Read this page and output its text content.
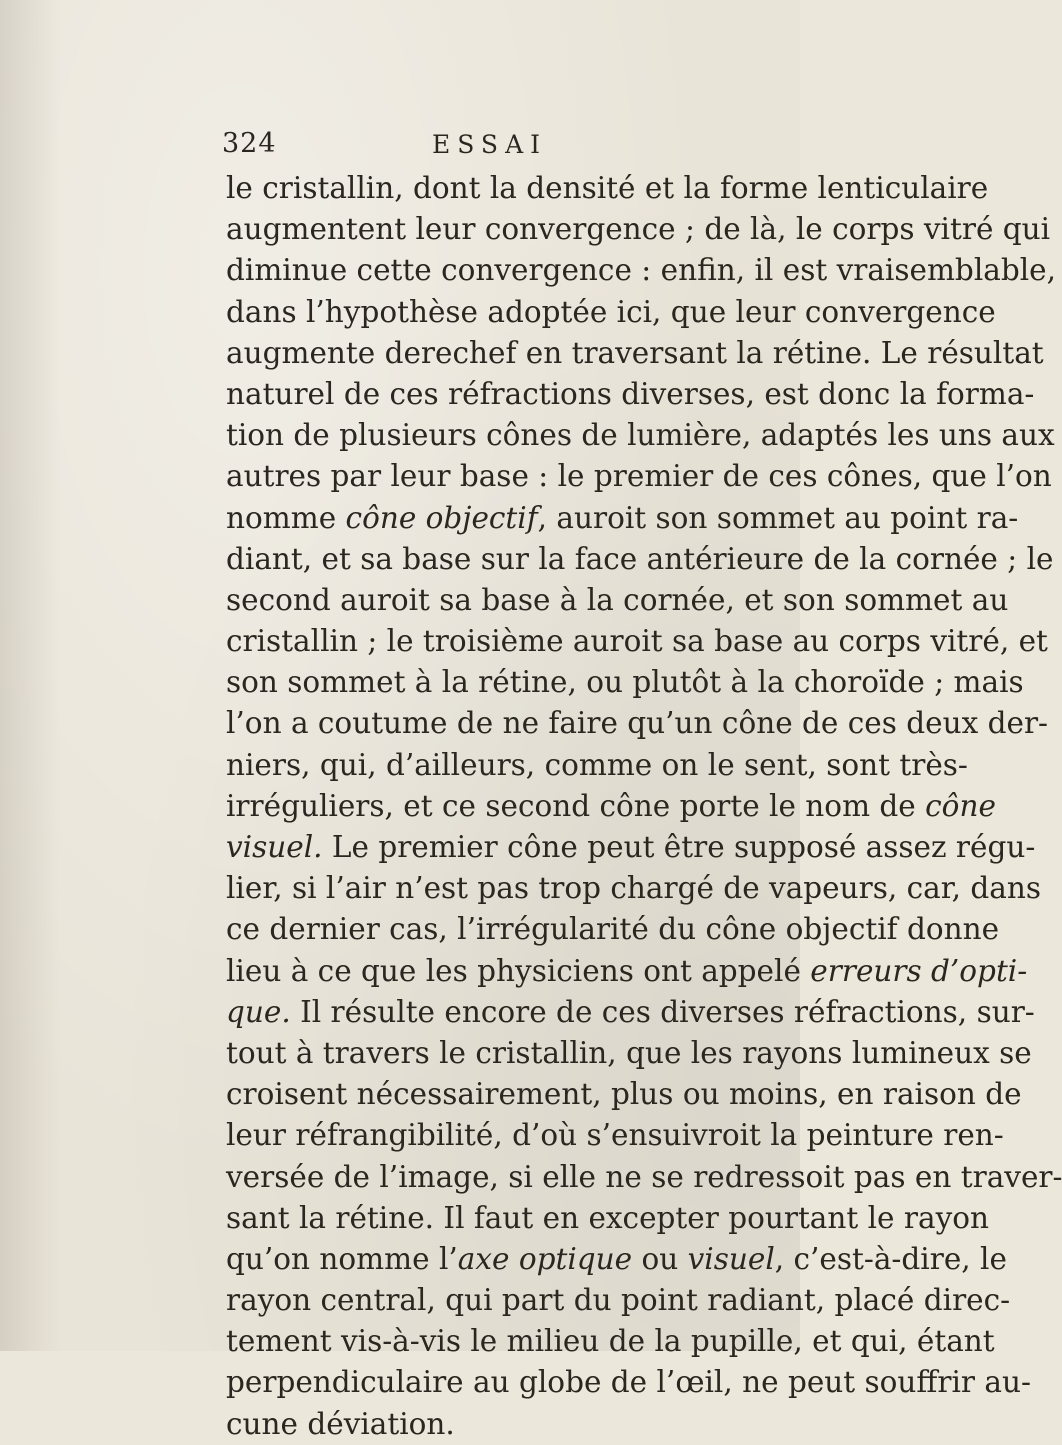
324	ESSAI
le cristallin, dont la densité et la forme lenticulaire
augmentent leur convergence ; de là, le corps vitré qui
diminue cette convergence : enfin, il est vraisemblable,
dans l’hypothèse adoptée ici, que leur convergence
augmente derechef en traversant la rétine. Le résultat
naturel de ces réfractions diverses, est donc la forma-
tion de plusieurs cônes de lumière, adaptés les uns aux
autres par leur base : le premier de ces cônes, que l’on
nomme cône objectif, auroit son sommet au point ra-
diant, et sa base sur la face antérieure de la cornée ; le
second auroit sa base à la cornée, et son sommet au
cristallin ; le troisième auroit sa base au corps vitré, et
son sommet à la rétine, ou plutôt à la choroïde ; mais
l’on a coutume de ne faire qu’un cône de ces deux der-
niers, qui, d’ailleurs, comme on le sent, sont très-
irréguliers, et ce second cône porte le nom de cône
visuel. Le premier cône peut être supposé assez régu-
lier, si l’air n’est pas trop chargé de vapeurs, car, dans
ce dernier cas, l’irrégularité du cône objectif donne
lieu à ce que les physiciens ont appelé erreurs d’opti-
que. Il résulte encore de ces diverses réfractions, sur-
tout à travers le cristallin, que les rayons lumineux se
croisent nécessairement, plus ou moins, en raison de
leur réfrangibilité, d’où s’ensuivroit la peinture ren-
versée de l’image, si elle ne se redressoit pas en traver-
sant la rétine. Il faut en excepter pourtant le rayon
qu’on nomme l’axe optique ou visuel, c’est-à-dire, le
rayon central, qui part du point radiant, placé direc-
tement vis-à-vis le milieu de la pupille, et qui, étant
perpendiculaire au globe de l’œil, ne peut souffrir au-
cune déviation.
